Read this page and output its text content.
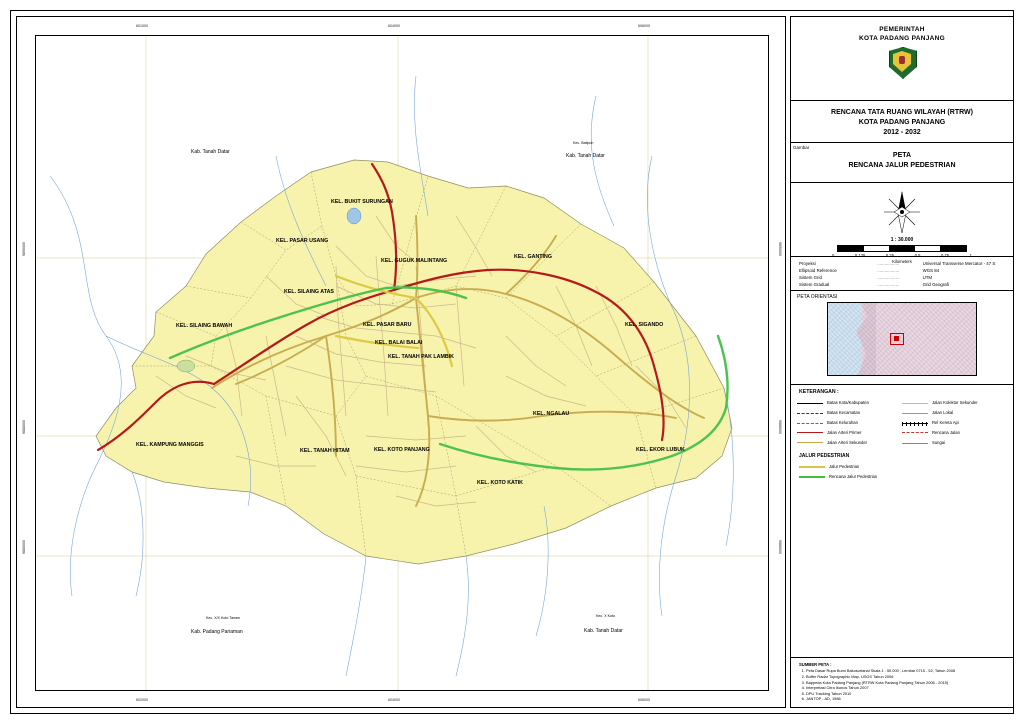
KEL. BUKIT SURUNGAN
KEL. PASAR USANG
KEL. GUGUK MALINTANG
KEL. GANTING
KEL. SILAING ATAS
KEL. PASAR BARU
KEL. SILAING BAWAH	KEL. SIGANDO
KEL. BALAI BALAI
KEL. TANAH PAK LAMBIK
KEL. NGALAU
KEL. KAMPUNG MANGGIS
KEL. KOTO PANJANG
KEL. TANAH HITAM	KEL. EKOR LUBUK
KEL. KOTO KATIK
Kab. Tanah Datar
Kec. Batipuh
Kab. Tanah Datar
Kec. X/X Koto Tanam
Kab. Padang Pariaman
Kec. X Koto
Kab. Tanah Datar
601000	604000	606000
602000	604000	606000
9890000
9888000
9886000
9890000
9888000
9886000
PEMERINTAH
KOTA PADANG PANJANG
RENCANA TATA RUANG WILAYAH (RTRW)
KOTA PADANG PANJANG
2012 - 2032
Gambar
PETA
RENCANA JALUR PEDESTRIAN
1 : 30.000
0	0.125	0.25	0.5	0.75	1
Kilometers
Proyeksi	..................	Universal Transverse Mercator - 47 S
Ellipsoid Reference	..................	WGS 84
Sistem Grid	..................	UTM
Sistem Gradual	..................	Grid Geografi
PETA ORIENTASI
KETERANGAN :
Batas Kota/Kabupaten
Batas Kecamatan
Batas Kelurahan
Jalan Arteri Primer
Jalan Arteri Sekunder
Jalan Kolektor Sekunder
Jalan Lokal
Rel Kereta Api
Rencana Jalan
Sungai
JALUR PEDESTRIAN
Jalur Pedestrian
Rencana Jalur Pedestrian
SUMBER PETA :
1. Peta Dasar Rupa Bumi Bakosurtanal Skala 1 : 50.000 , Lembar 0715 - 52, Tahun 2006
2. Buffer Radar Topographic Map, USGS Tahun 2006
3. Bappeda Kota Padang Panjang (RTRW Kota Padang Panjang Tahun 2006 - 2015)
4. Interpretasi Citra Ikonos Tahun 2007
5. DPU Tracking Tahun 2010
6. JANTOP - AD, 1986
